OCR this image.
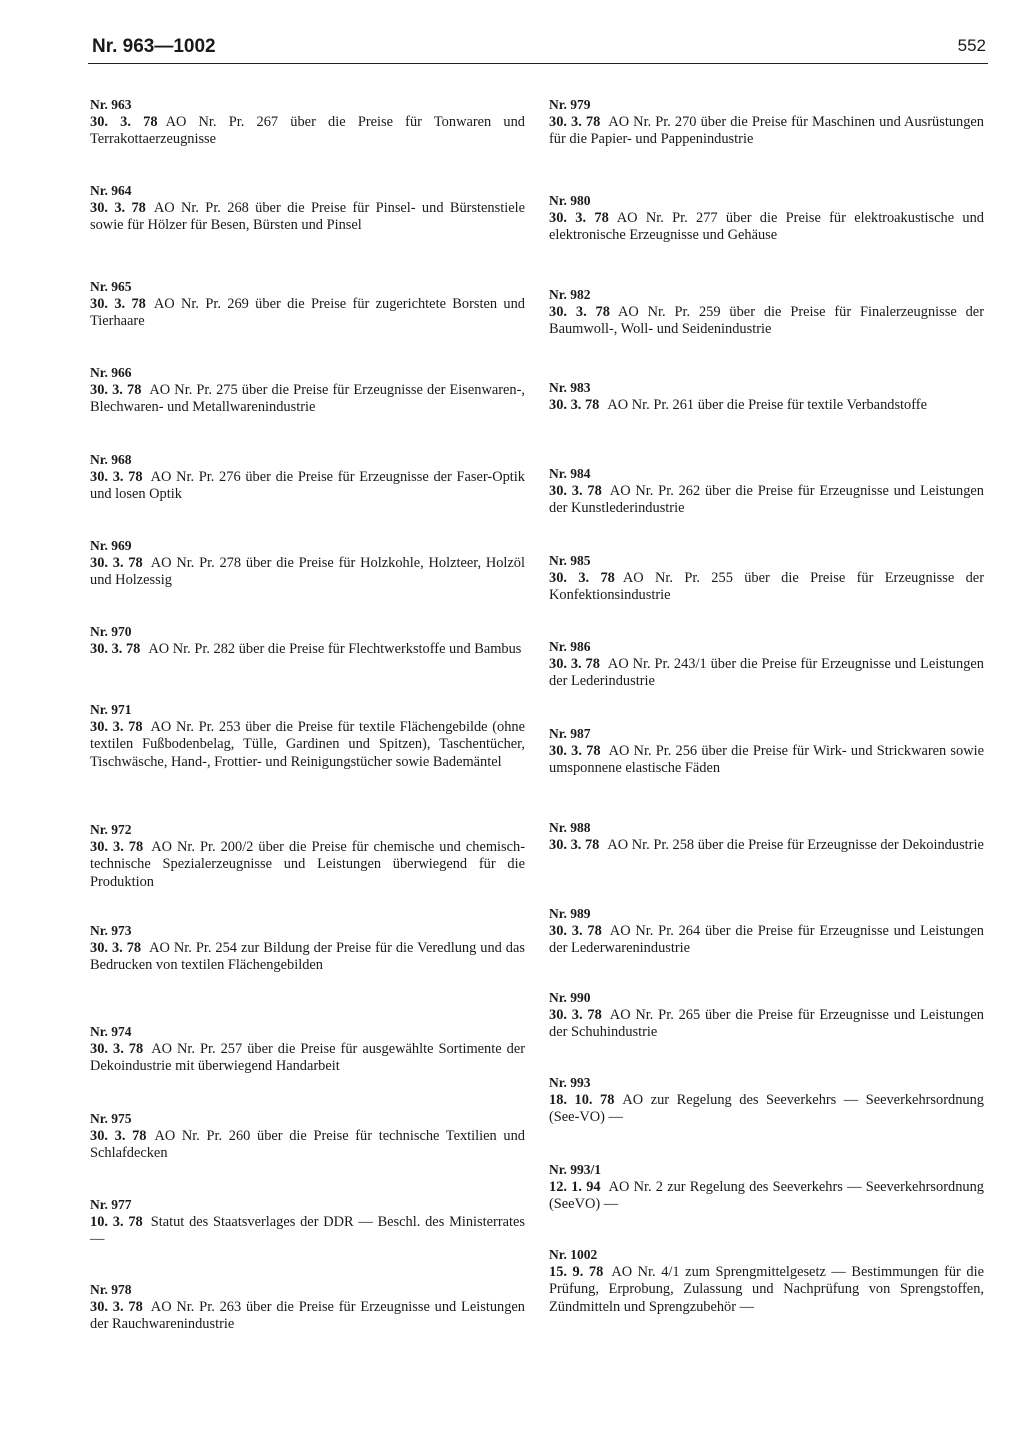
Nr. 963—1002	552
Nr. 963
30. 3. 78 AO Nr. Pr. 267 über die Preise für Tonwaren und Terrakottaerzeugnisse
Nr. 964
30. 3. 78 AO Nr. Pr. 268 über die Preise für Pinsel- und Bürstenstiele sowie für Hölzer für Besen, Bürsten und Pinsel
Nr. 965
30. 3. 78 AO Nr. Pr. 269 über die Preise für zugerichtete Borsten und Tierhaare
Nr. 966
30. 3. 78 AO Nr. Pr. 275 über die Preise für Erzeugnisse der Eisenwaren-, Blechwaren- und Metallwarenindustrie
Nr. 968
30. 3. 78 AO Nr. Pr. 276 über die Preise für Erzeugnisse der Faser-Optik und losen Optik
Nr. 969
30. 3. 78 AO Nr. Pr. 278 über die Preise für Holzkohle, Holzteer, Holzöl und Holzessig
Nr. 970
30. 3. 78 AO Nr. Pr. 282 über die Preise für Flechtwerkstoffe und Bambus
Nr. 971
30. 3. 78 AO Nr. Pr. 253 über die Preise für textile Flächengebilde (ohne textilen Fußbodenbelag, Tülle, Gardinen und Spitzen), Taschentücher, Tischwäsche, Hand-, Frottier- und Reinigungstücher sowie Bademäntel
Nr. 972
30. 3. 78 AO Nr. Pr. 200/2 über die Preise für chemische und chemisch-technische Spezialerzeugnisse und Leistungen überwiegend für die Produktion
Nr. 973
30. 3. 78 AO Nr. Pr. 254 zur Bildung der Preise für die Veredlung und das Bedrucken von textilen Flächengebilden
Nr. 974
30. 3. 78 AO Nr. Pr. 257 über die Preise für ausgewählte Sortimente der Dekoindustrie mit überwiegend Handarbeit
Nr. 975
30. 3. 78 AO Nr. Pr. 260 über die Preise für technische Textilien und Schlafdecken
Nr. 977
10. 3. 78 Statut des Staatsverlages der DDR — Beschl. des Ministerrates —
Nr. 978
30. 3. 78 AO Nr. Pr. 263 über die Preise für Erzeugnisse und Leistungen der Rauchwarenindustrie
Nr. 979
30. 3. 78 AO Nr. Pr. 270 über die Preise für Maschinen und Ausrüstungen für die Papier- und Pappenindustrie
Nr. 980
30. 3. 78 AO Nr. Pr. 277 über die Preise für elektroakustische und elektronische Erzeugnisse und Gehäuse
Nr. 982
30. 3. 78 AO Nr. Pr. 259 über die Preise für Finalerzeugnisse der Baumwoll-, Woll- und Seidenindustrie
Nr. 983
30. 3. 78 AO Nr. Pr. 261 über die Preise für textile Verbandstoffe
Nr. 984
30. 3. 78 AO Nr. Pr. 262 über die Preise für Erzeugnisse und Leistungen der Kunstlederindustrie
Nr. 985
30. 3. 78 AO Nr. Pr. 255 über die Preise für Erzeugnisse der Konfektionsindustrie
Nr. 986
30. 3. 78 AO Nr. Pr. 243/1 über die Preise für Erzeugnisse und Leistungen der Lederindustrie
Nr. 987
30. 3. 78 AO Nr. Pr. 256 über die Preise für Wirk- und Strickwaren sowie umsponnene elastische Fäden
Nr. 988
30. 3. 78 AO Nr. Pr. 258 über die Preise für Erzeugnisse der Dekoindustrie
Nr. 989
30. 3. 78 AO Nr. Pr. 264 über die Preise für Erzeugnisse und Leistungen der Lederwarenindustrie
Nr. 990
30. 3. 78 AO Nr. Pr. 265 über die Preise für Erzeugnisse und Leistungen der Schuhindustrie
Nr. 993
18. 10. 78 AO zur Regelung des Seeverkehrs — Seeverkehrsordnung (See-VO) —
Nr. 993/1
12. 1. 94 AO Nr. 2 zur Regelung des Seeverkehrs — Seeverkehrsordnung (SeeVO) —
Nr. 1002
15. 9. 78 AO Nr. 4/1 zum Sprengmittelgesetz — Bestimmungen für die Prüfung, Erprobung, Zulassung und Nachprüfung von Sprengstoffen, Zündmitteln und Sprengzubehör —
